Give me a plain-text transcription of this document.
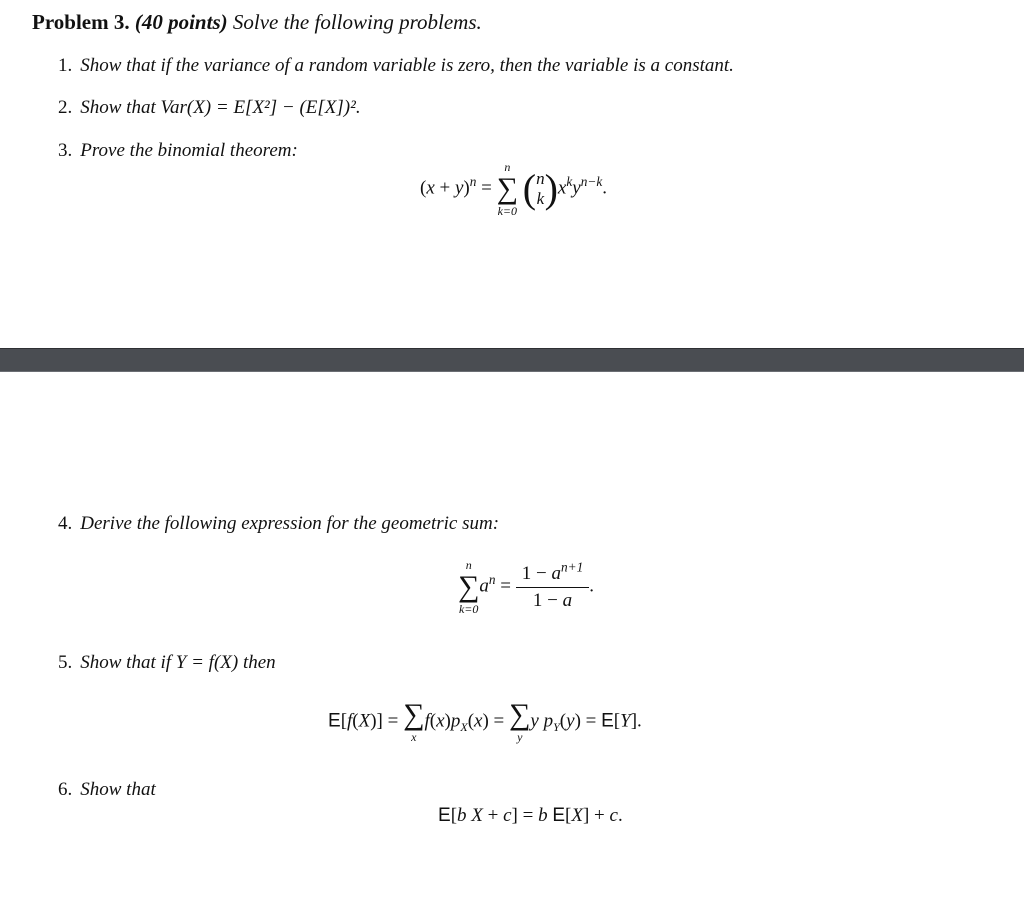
Problem 3. (40 points) Solve the following problems.
1. Show that if the variance of a random variable is zero, then the variable is a constant.
2. Show that Var(X) = E[X²] − (E[X])².
3. Prove the binomial theorem:
$(x + y)^n$ =
n
∑
k=0 ( n
k )$x^ky^{n-k}$.
4. Derive the following expression for the geometric sum:
n
∑
k=0
$a^n = \frac{1 - a^{n+1}}{1 - a}$ .
5. Show that if Y = f(X) then
E[f(X)] = ∑
x
$f(x)p_X(x)$ = ∑
y
y $p_Y(y) = E[Y]$.
6. Show that
E[b X + c] = b E[X] + c.
